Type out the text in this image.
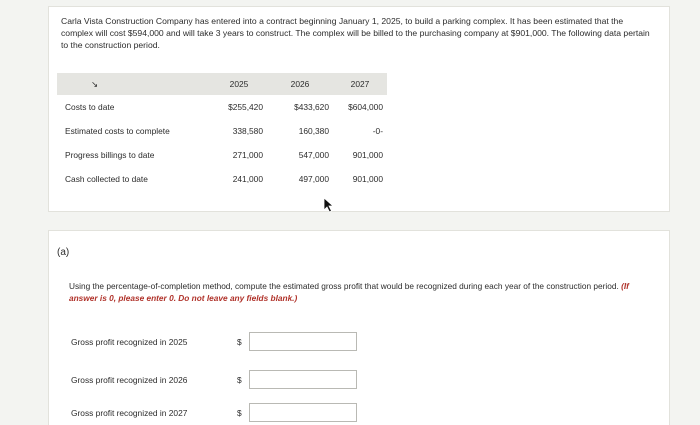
Carla Vista Construction Company has entered into a contract beginning January 1, 2025, to build a parking complex. It has been estimated that the complex will cost $594,000 and will take 3 years to construct. The complex will be billed to the purchasing company at $901,000. The following data pertain to the construction period.

↘	2025	2026	2027
Costs to date	$255,420	$433,620	$604,000
Estimated costs to complete	338,580	160,380	-0-
Progress billings to date	271,000	547,000	901,000
Cash collected to date	241,000	497,000	901,000
(a)

Using the percentage-of-completion method, compute the estimated gross profit that would be recognized during each year of the construction period. (If answer is 0, please enter 0. Do not leave any fields blank.)

Gross profit recognized in 2025	$
Gross profit recognized in 2026	$
Gross profit recognized in 2027	$
